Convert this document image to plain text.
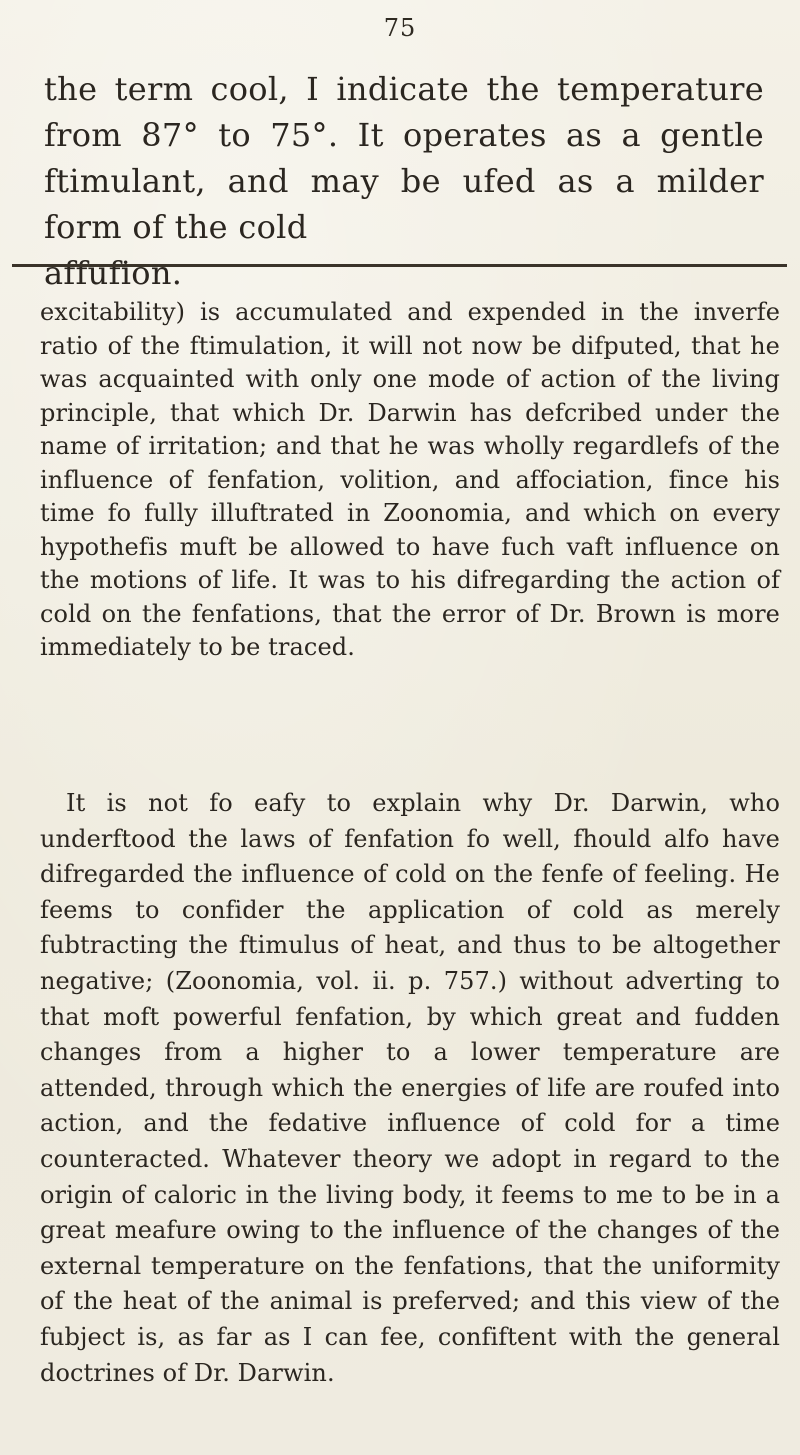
75

the term cool, I indicate the temperature from 87° to 75°. It operates as a gentle ftimulant, and may be ufed as a milder form of the cold
affufion.

excitability) is accumulated and expended in the inverfe ratio of the ftimulation, it will not now be difputed, that he was acquainted with only one mode of action of the living principle, that which Dr. Darwin has defcribed under the name of irritation; and that he was wholly regardlefs of the influence of fenfation, volition, and affociation, fince his time fo fully illuftrated in Zoonomia, and which on every hypothefis muft be allowed to have fuch vaft influence on the motions of life. It was to his difregarding the action of cold on the fenfations, that the error of Dr. Brown is more immediately to be traced.

It is not fo eafy to explain why Dr. Darwin, who underftood the laws of fenfation fo well, fhould alfo have difregarded the influence of cold on the fenfe of feeling. He feems to confider the application of cold as merely fubtracting the ftimulus of heat, and thus to be altogether negative; (Zoonomia, vol. ii. p. 757.) without adverting to that moft powerful fenfation, by which great and fudden changes from a higher to a lower temperature are attended, through which the energies of life are roufed into action, and the fedative influence of cold for a time counteracted. Whatever theory we adopt in regard to the origin of caloric in the living body, it feems to me to be in a great meafure owing to the influence of the changes of the external temperature on the fenfations, that the uniformity of the heat of the animal is preferved; and this view of the fubject is, as far as I can fee, confiftent with the general doctrines of Dr. Darwin.
